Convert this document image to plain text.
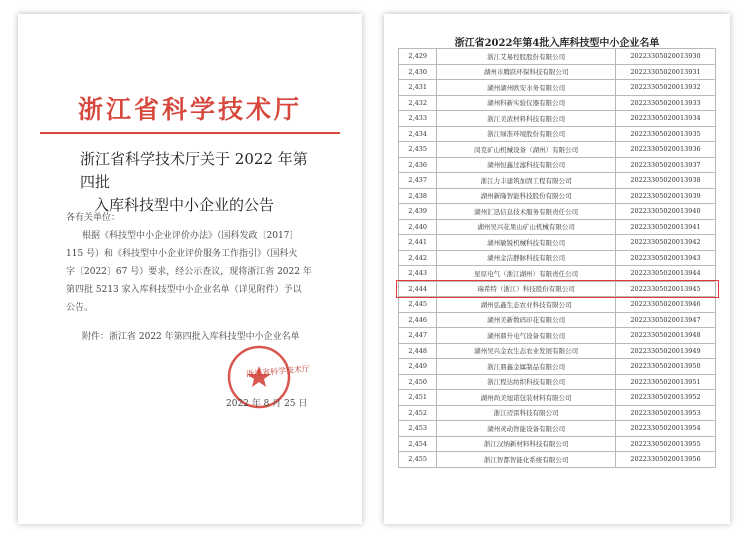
浙江省科学技术厅
浙江省科学技术厅关于 2022 年第四批
入库科技型中小企业的公告

各有关单位：

根据《科技型中小企业评价办法》（国科发政〔2017〕

115 号）和《科技型中小企业评价服务工作指引》（国科火

字〔2022〕67 号）要求，经公示查议，现将浙江省 2022 年

第四批 5213 家入库科技型中小企业名单（详见附件）予以

公告。

附件：浙江省 2022 年第四批入库科技型中小企业名单

浙江省科学技术厅
2022 年 8 月 25 日
浙江省2022年第4批入库科技型中小企业名单
2,429	浙江艾易控股股份有限公司	20223305020013930
2,430	湖州市腾跃环保科技有限公司	20223305020013931
2,431	湖州湖州欧安水务有限公司	20223305020013932
2,432	湖州科新实验仪器有限公司	20223305020013933
2,433	浙江美浓材料科技有限公司	20223305020013934
2,434	浙江绿准环境股份有限公司	20223305020013935
2,435	闵克矿山机械设备（湖州）有限公司	20223305020013936
2,436	湖州恒鑫过滤科技有限公司	20223305020013937
2,437	浙江力丰建筑加固工程有限公司	20223305020013938
2,438	湖州新隆智能科技股份有限公司	20223305020013939
2,439	湖州汇迅信息技术服务有限责任公司	20223305020013940
2,440	湖州吴兴花果山矿山机械有限公司	20223305020013941
2,441	湖州敏锐机械科技有限公司	20223305020013942
2,442	湖州金洁静脉科技有限公司	20223305020013943
2,443	星原电气（浙江湖州）有限责任公司	20223305020013944
2,444	瑞希特（浙江）科技股份有限公司	20223305020013945
2,445	湖州弘鑫生态农业科技有限公司	20223305020013946
2,446	湖州美新数码印花有限公司	20223305020013947
2,447	湖州鼎升电气设备有限公司	20223305020013948
2,448	湖州吴兴金农生态农业发展有限公司	20223305020013949
2,449	浙江鼎鑫金属制品有限公司	20223305020013950
2,450	浙江程达纺织科技有限公司	20223305020013951
2,451	湖州尚美旭诺包装材料有限公司	20223305020013952
2,452	浙江迈雷科技有限公司	20223305020013953
2,453	湖州灵动智能设备有限公司	20223305020013954
2,454	浙江汉纳新材料科技有限公司	20223305020013955
2,455	浙江智都智能化系统有限公司	20223305020013956
